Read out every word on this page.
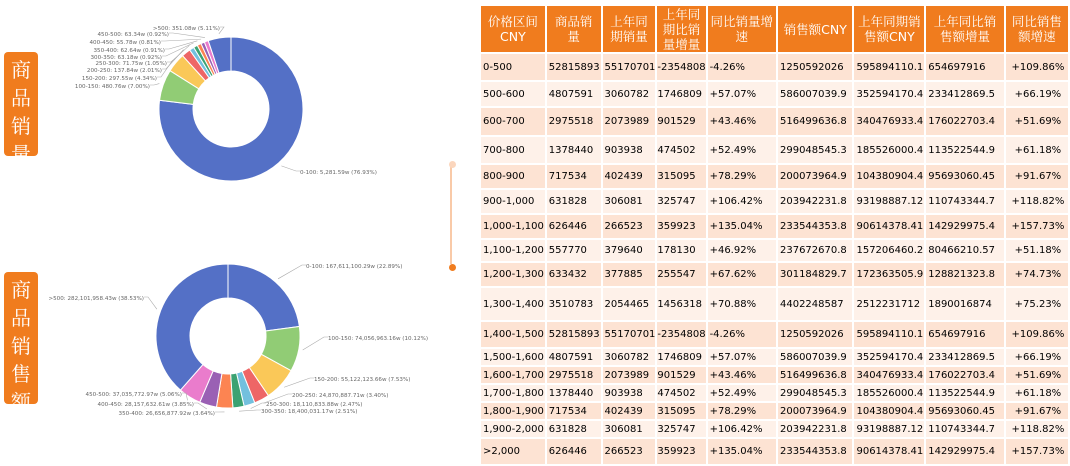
商
品
销
量
商
品
销
售
额
0-100: 5,281.59w (76.93%)
100-150: 480.76w (7.00%)
150-200: 297.55w (4.34%)
200-250: 137.84w (2.01%)
250-300: 71.75w (1.05%)
300-350: 63.18w (0.92%)
350-400: 62.64w (0.91%)
400-450: 55.78w (0.81%)
450-500: 63.34w (0.92%)
>500: 351.08w (5.11%)
0-100: 167,611,100.29w (22.89%)
100-150: 74,056,963.16w (10.12%)
150-200: 55,122,123.66w (7.53%)
200-250: 24,870,887.71w (3.40%)
250-300: 18,110,833.88w (2.47%)
300-350: 18,400,031.17w (2.51%)
350-400: 26,656,877.92w (3.64%)
400-450: 28,157,632.61w (3.85%)
450-500: 37,035,772.97w (5.06%)
>500: 282,101,958.43w (38.53%)
价格区间CNY	商品销量	上年同期销量	上年同期比销量增量	同比销量增速	销售额CNY	上年同期销售额CNY	上年同比销售额增量	同比销售额增速
0-500	52815893	55170701	-2354808	-4.26%	1250592026	595894110.1	654697916	+109.86%
500-600	4807591	3060782	1746809	+57.07%	586007039.9	352594170.4	233412869.5	+66.19%
600-700	2975518	2073989	901529	+43.46%	516499636.8	340476933.4	176022703.4	+51.69%
700-800	1378440	903938	474502	+52.49%	299048545.3	185526000.4	113522544.9	+61.18%
800-900	717534	402439	315095	+78.29%	200073964.9	104380904.4	95693060.45	+91.67%
900-1,000	631828	306081	325747	+106.42%	203942231.8	93198887.12	110743344.7	+118.82%
1,000-1,100	626446	266523	359923	+135.04%	233544353.8	90614378.41	142929975.4	+157.73%
1,100-1,200	557770	379640	178130	+46.92%	237672670.8	157206460.2	80466210.57	+51.18%
1,200-1,300	633432	377885	255547	+67.62%	301184829.7	172363505.9	128821323.8	+74.73%
1,300-1,400	3510783	2054465	1456318	+70.88%	4402248587	2512231712	1890016874	+75.23%
1,400-1,500	52815893	55170701	-2354808	-4.26%	1250592026	595894110.1	654697916	+109.86%
1,500-1,600	4807591	3060782	1746809	+57.07%	586007039.9	352594170.4	233412869.5	+66.19%
1,600-1,700	2975518	2073989	901529	+43.46%	516499636.8	340476933.4	176022703.4	+51.69%
1,700-1,800	1378440	903938	474502	+52.49%	299048545.3	185526000.4	113522544.9	+61.18%
1,800-1,900	717534	402439	315095	+78.29%	200073964.9	104380904.4	95693060.45	+91.67%
1,900-2,000	631828	306081	325747	+106.42%	203942231.8	93198887.12	110743344.7	+118.82%
>2,000	626446	266523	359923	+135.04%	233544353.8	90614378.41	142929975.4	+157.73%
